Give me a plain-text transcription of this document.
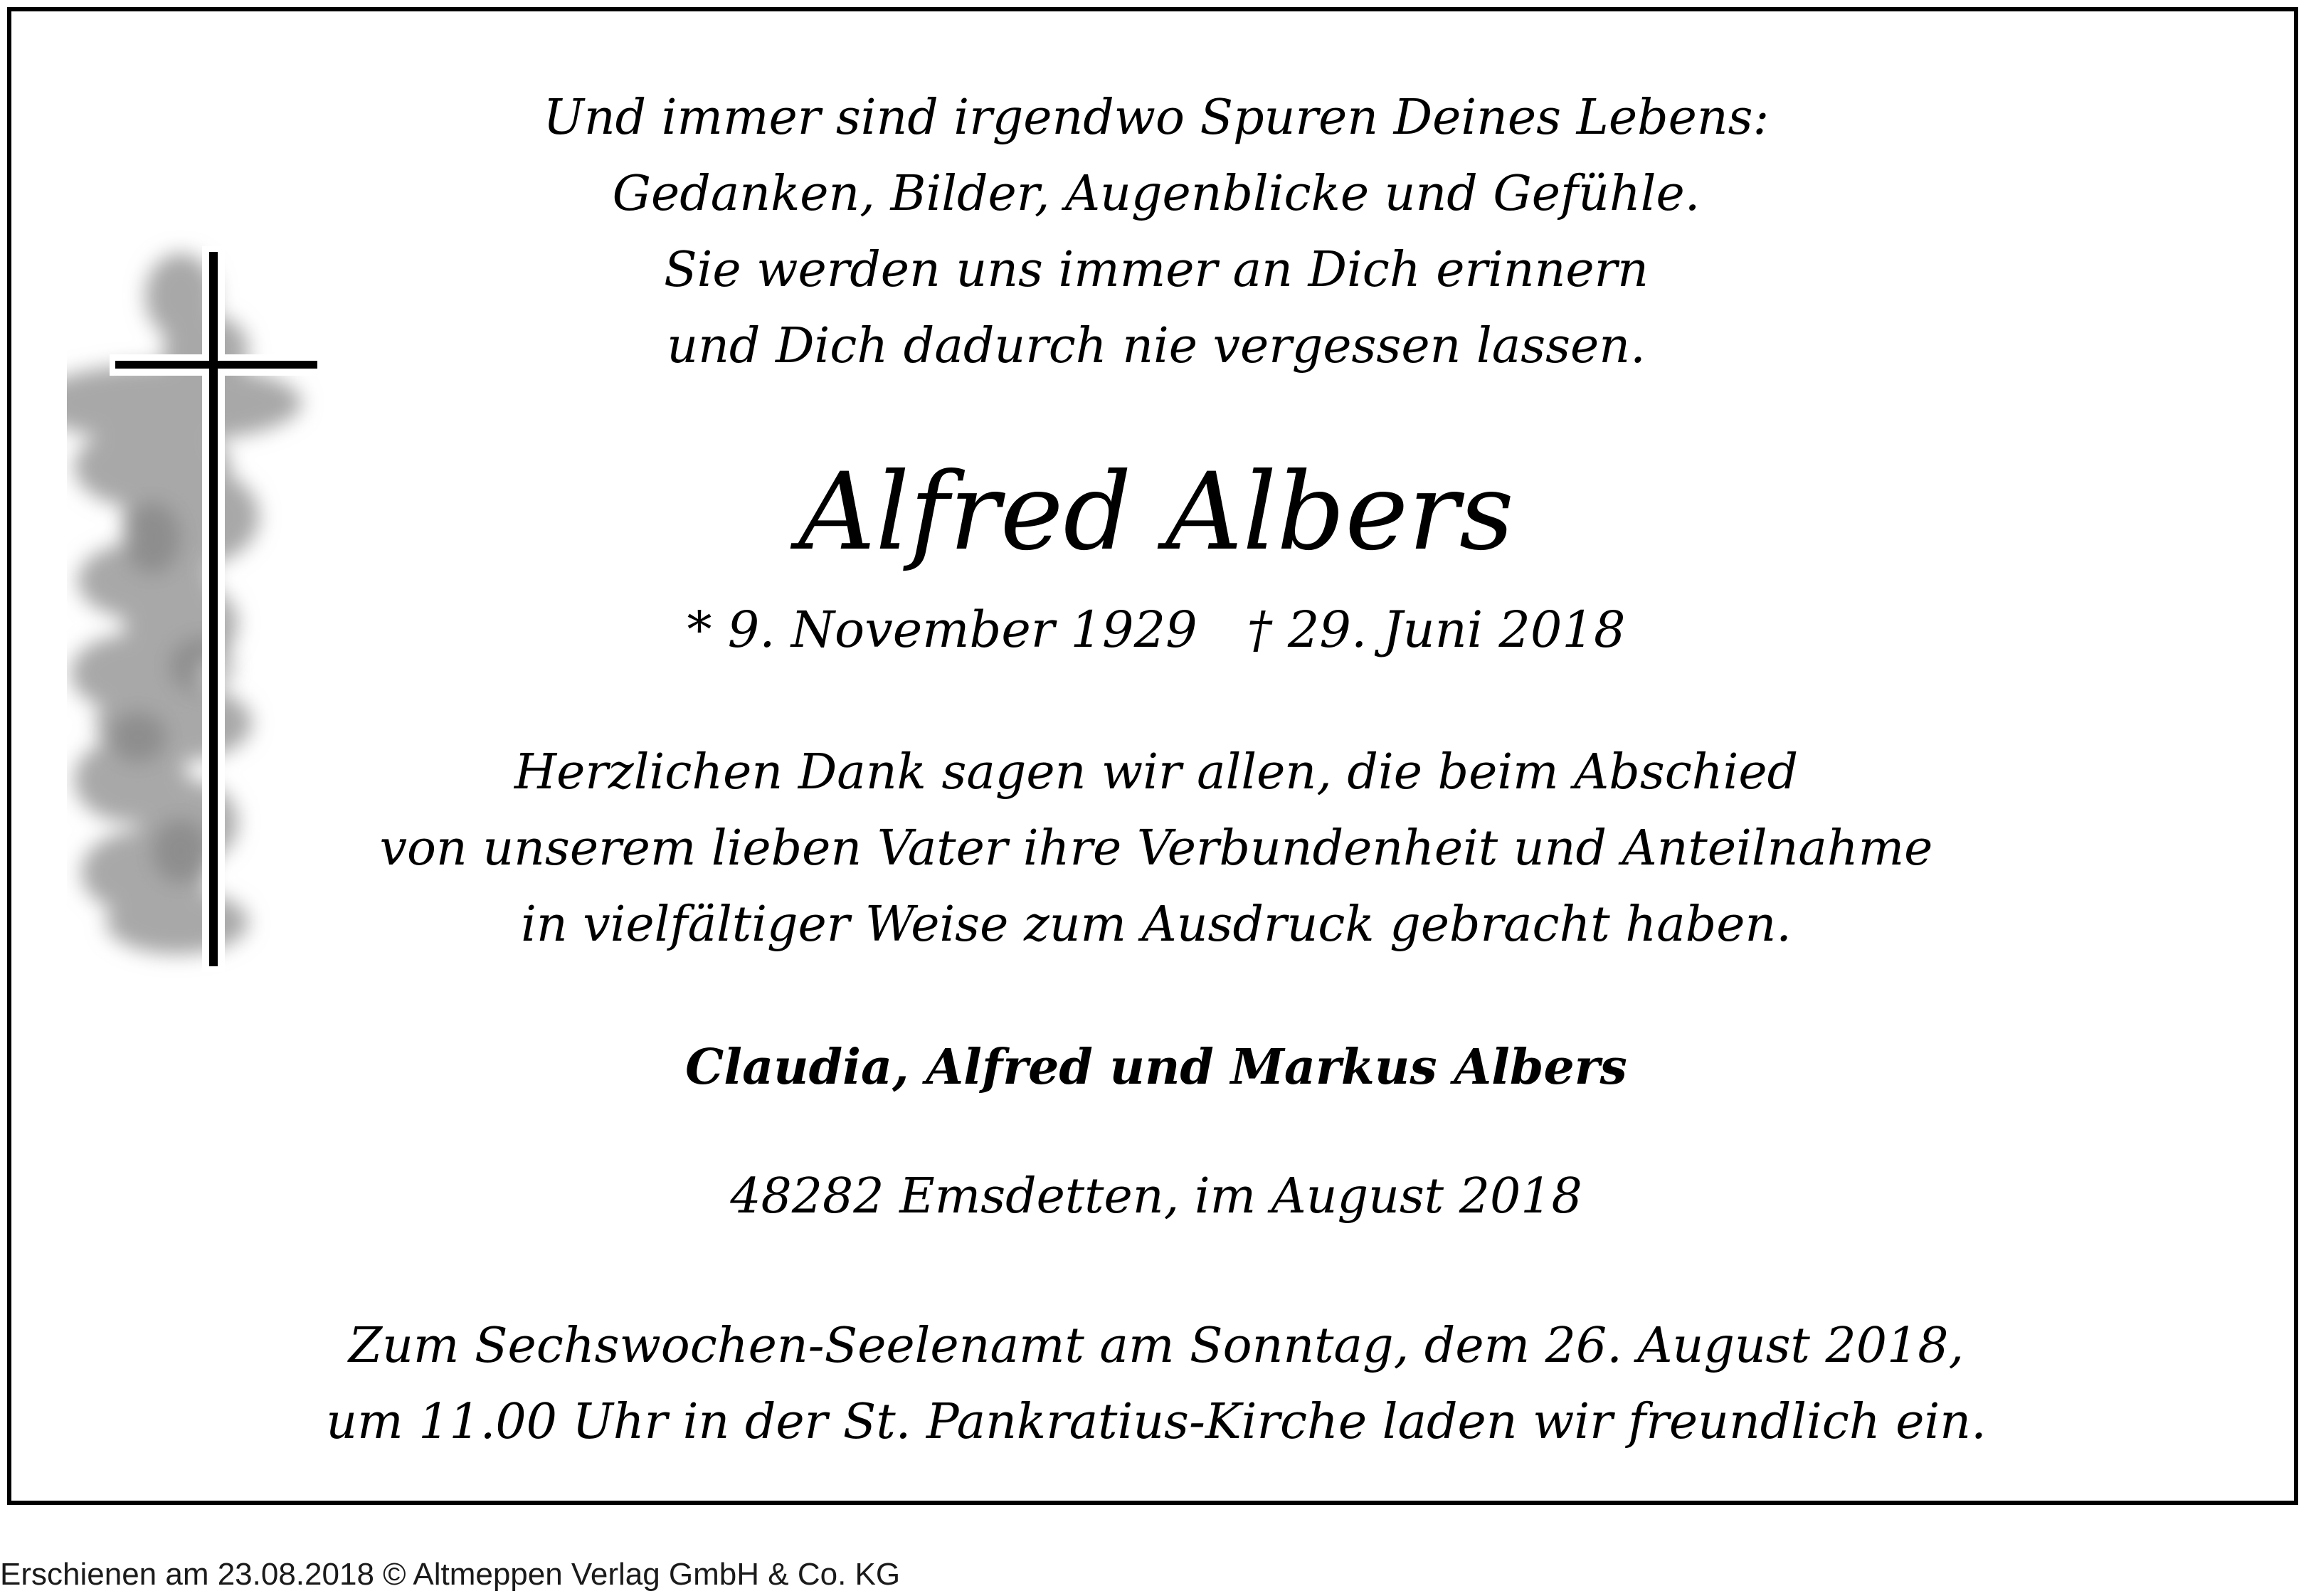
Und immer sind irgendwo Spuren Deines Lebens:
Gedanken, Bilder, Augenblicke und Gefühle.
Sie werden uns immer an Dich erinnern
und Dich dadurch nie vergessen lassen.
Alfred Albers
* 9. November 1929 † 29. Juni 2018
Herzlichen Dank sagen wir allen, die beim Abschied
von unserem lieben Vater ihre Verbundenheit und Anteilnahme
in vielfältiger Weise zum Ausdruck gebracht haben.
Claudia, Alfred und Markus Albers
48282 Emsdetten, im August 2018
Zum Sechswochen-Seelenamt am Sonntag, dem 26. August 2018,
um 11.00 Uhr in der St. Pankratius-Kirche laden wir freundlich ein.
Erschienen am 23.08.2018 © Altmeppen Verlag GmbH & Co. KG
